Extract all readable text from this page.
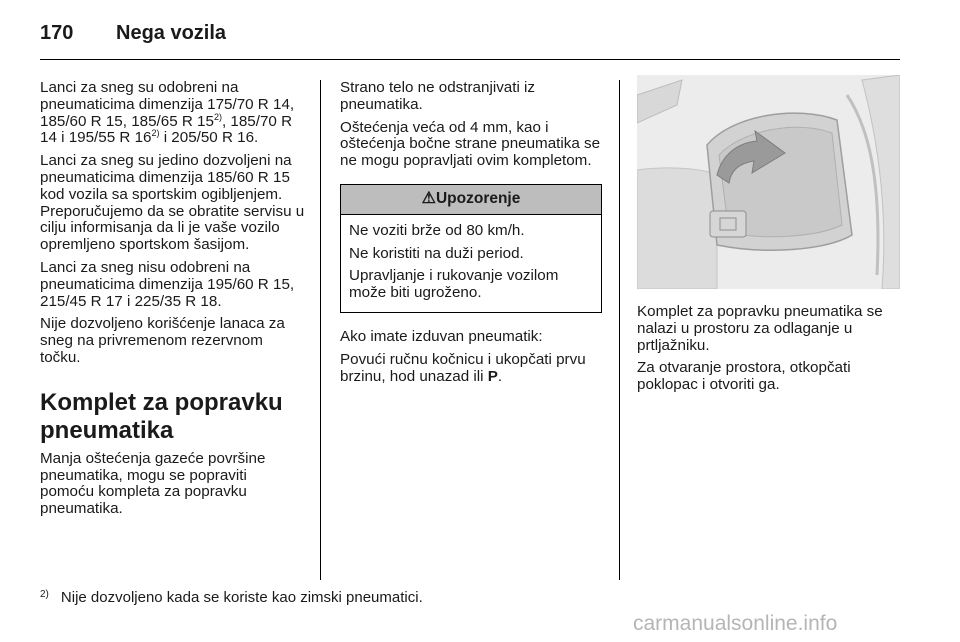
170 Nega vozila

Lanci za sneg su odobreni na pneumaticima dimenzija 175/70 R 14, 185/60 R 15, 185/65 R 15$^{2)}$, 185/70 R 14 i 195/55 R 16$^{2)}$ i 205/50 R 16.

Lanci za sneg su jedino dozvoljeni na pneumaticima dimenzija 185/60 R 15 kod vozila sa sportskim ogibljenjem. Preporučujemo da se obratite servisu u cilju informisanja da li je vaše vozilo opremljeno sportskom šasijom.

Lanci za sneg nisu odobreni na pneumaticima dimenzija 195/60 R 15, 215/45 R 17 i 225/35 R 18.

Nije dozvoljeno korišćenje lanaca za sneg na privremenom rezervnom točku.

Komplet za popravku pneumatika

Manja oštećenja gazeće površine pneumatika, mogu se popraviti pomoću kompleta za popravku pneumatika.

Strano telo ne odstranjivati iz pneumatika.

Oštećenja veća od 4 mm, kao i oštećenja bočne strane pneumatika se ne mogu popravljati ovim kompletom.

⚠Upozorenje

Ne voziti brže od 80 km/h.

Ne koristiti na duži period.

Upravljanje i rukovanje vozilom može biti ugroženo.

Ako imate izduvan pneumatik:

Povući ručnu kočnicu i ukopčati prvu brzinu, hod unazad ili P.

Komplet za popravku pneumatika se nalazi u prostoru za odlaganje u prtljažniku.

Za otvaranje prostora, otkopčati poklopac i otvoriti ga.

$^{2)}$ Nije dozvoljeno kada se koriste kao zimski pneumatici.
carmanualsonline.info
